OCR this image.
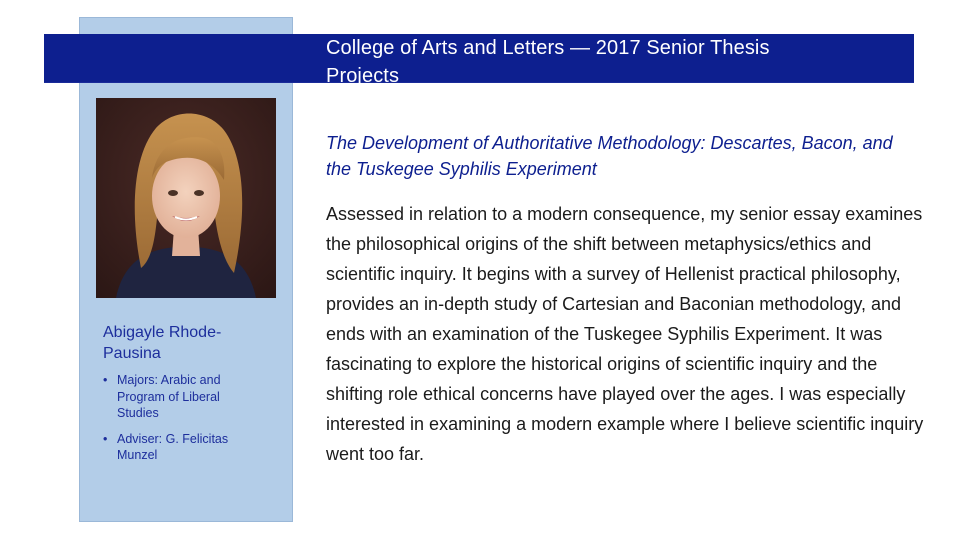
College of Arts and Letters — 2017 Senior Thesis
Projects
Abigayle Rhode-Pausina
• Majors: Arabic and Program of Liberal Studies
• Adviser: G. Felicitas Munzel
The Development of Authoritative Methodology: Descartes, Bacon, and the Tuskegee Syphilis Experiment
Assessed in relation to a modern consequence, my senior essay examines the philosophical origins of the shift between metaphysics/ethics and scientific inquiry. It begins with a survey of Hellenist practical philosophy, provides an in-depth study of Cartesian and Baconian methodology, and ends with an examination of the Tuskegee Syphilis Experiment. It was fascinating to explore the historical origins of scientific inquiry and the shifting role ethical concerns have played over the ages. I was especially interested in examining a modern example where I believe scientific inquiry went too far.
